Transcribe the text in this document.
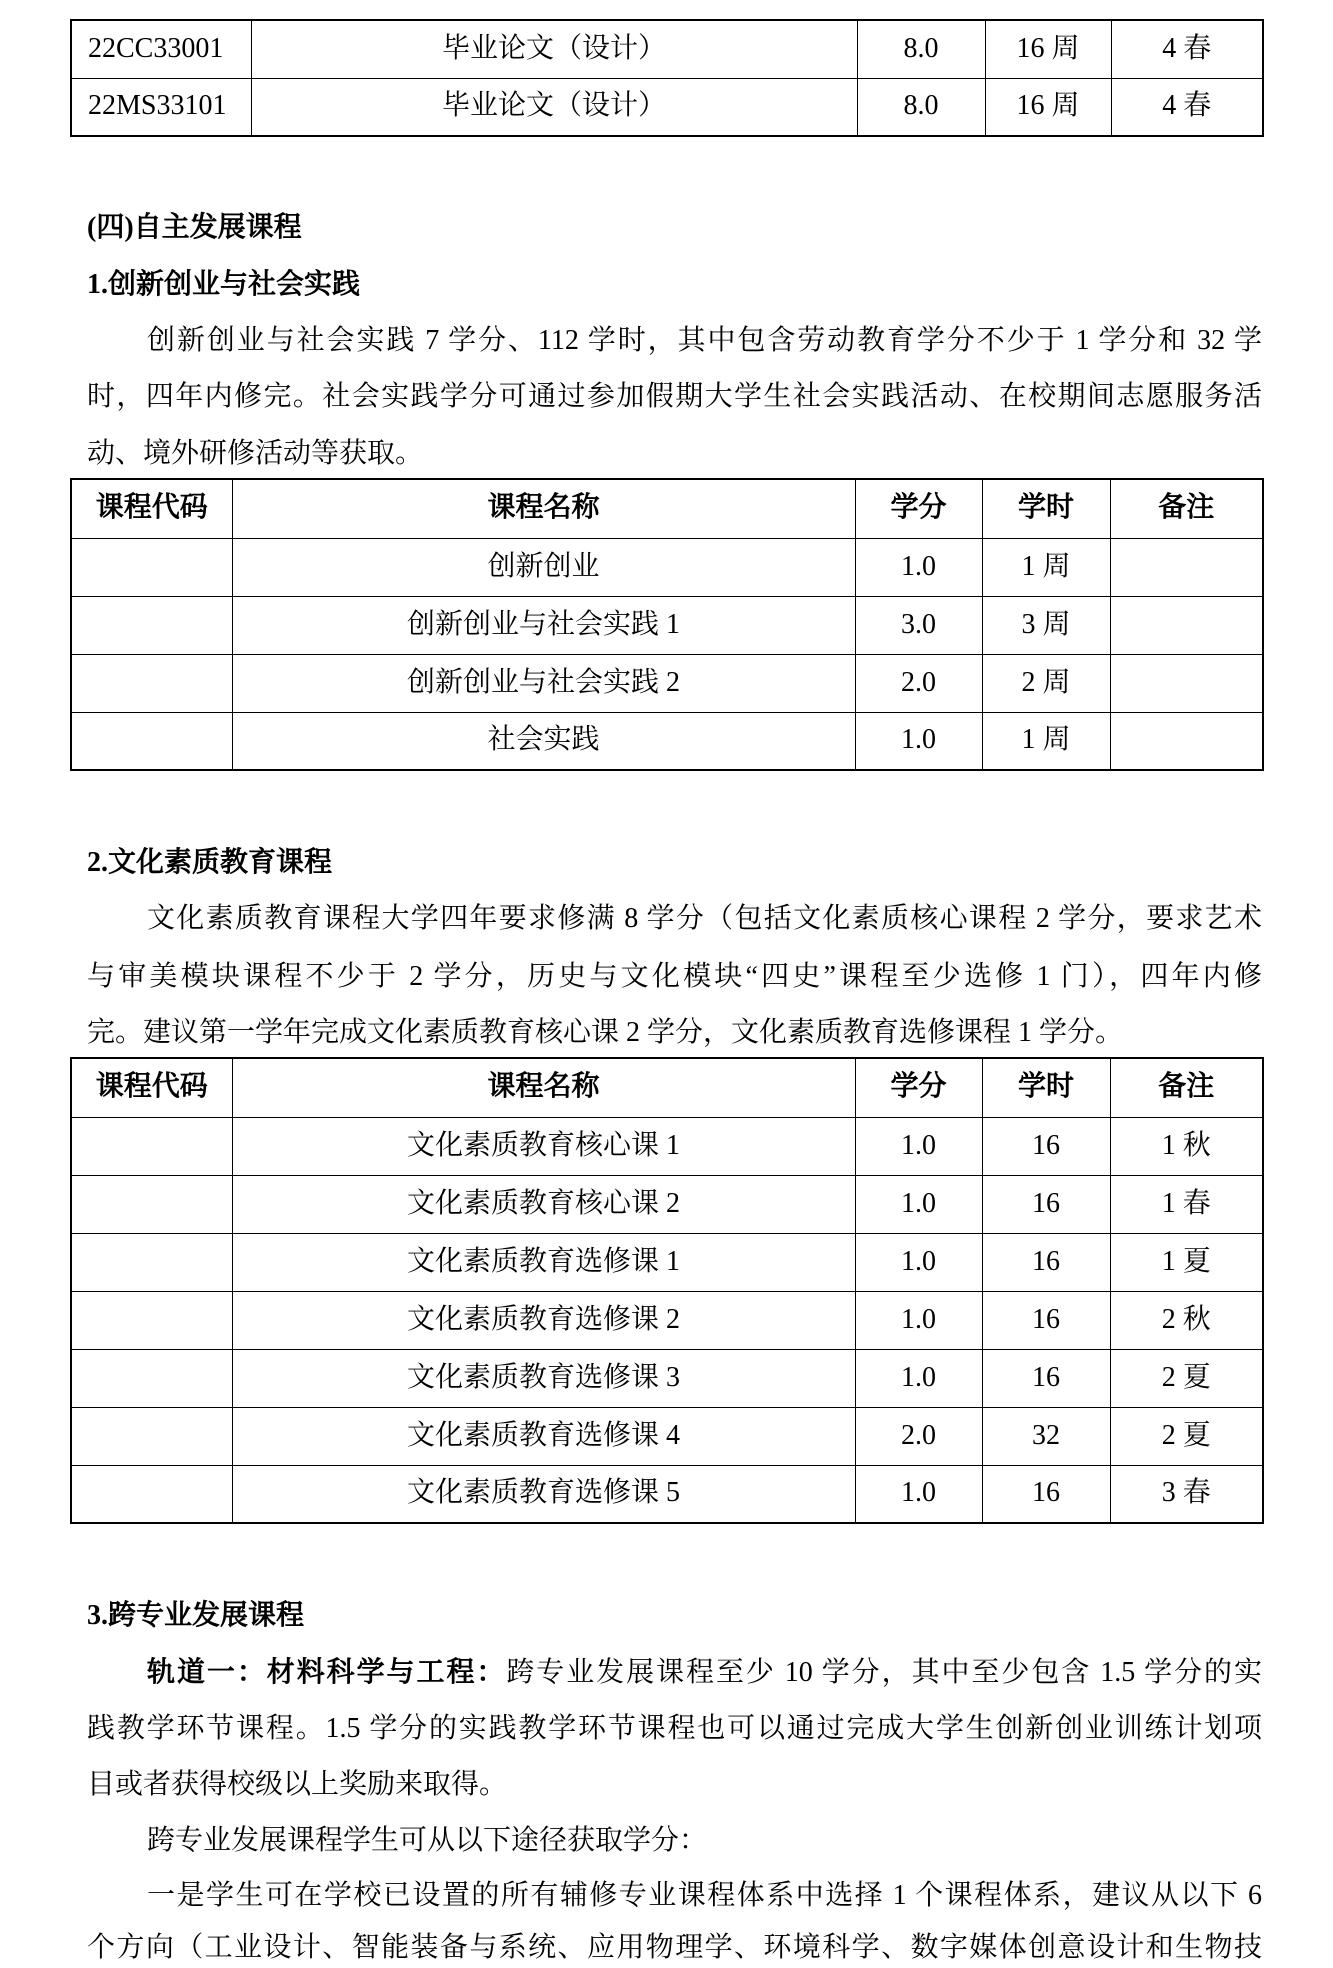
22CC33001	毕业论文（设计）	8.0	16 周	4 春
22MS33101	毕业论文（设计）	8.0	16 周	4 春
(四)自主发展课程
1.创新创业与社会实践
创新创业与社会实践 7 学分、112 学时，其中包含劳动教育学分不少于 1 学分和 32 学
时，四年内修完。社会实践学分可通过参加假期大学生社会实践活动、在校期间志愿服务活
动、境外研修活动等获取。
课程代码	课程名称	学分	学时	备注
	创新创业	1.0	1 周	
	创新创业与社会实践 1	3.0	3 周	
	创新创业与社会实践 2	2.0	2 周	
	社会实践	1.0	1 周	
2.文化素质教育课程
文化素质教育课程大学四年要求修满 8 学分（包括文化素质核心课程 2 学分，要求艺术
与审美模块课程不少于 2 学分，历史与文化模块“四史”课程至少选修 1 门），四年内修
完。建议第一学年完成文化素质教育核心课 2 学分，文化素质教育选修课程 1 学分。
课程代码	课程名称	学分	学时	备注
	文化素质教育核心课 1	1.0	16	1 秋
	文化素质教育核心课 2	1.0	16	1 春
	文化素质教育选修课 1	1.0	16	1 夏
	文化素质教育选修课 2	1.0	16	2 秋
	文化素质教育选修课 3	1.0	16	2 夏
	文化素质教育选修课 4	2.0	32	2 夏
	文化素质教育选修课 5	1.0	16	3 春
3.跨专业发展课程
轨道一：材料科学与工程：跨专业发展课程至少 10 学分，其中至少包含 1.5 学分的实
践教学环节课程。1.5 学分的实践教学环节课程也可以通过完成大学生创新创业训练计划项
目或者获得校级以上奖励来取得。
跨专业发展课程学生可从以下途径获取学分：
一是学生可在学校已设置的所有辅修专业课程体系中选择 1 个课程体系，建议从以下 6
个方向（工业设计、智能装备与系统、应用物理学、环境科学、数字媒体创意设计和生物技
